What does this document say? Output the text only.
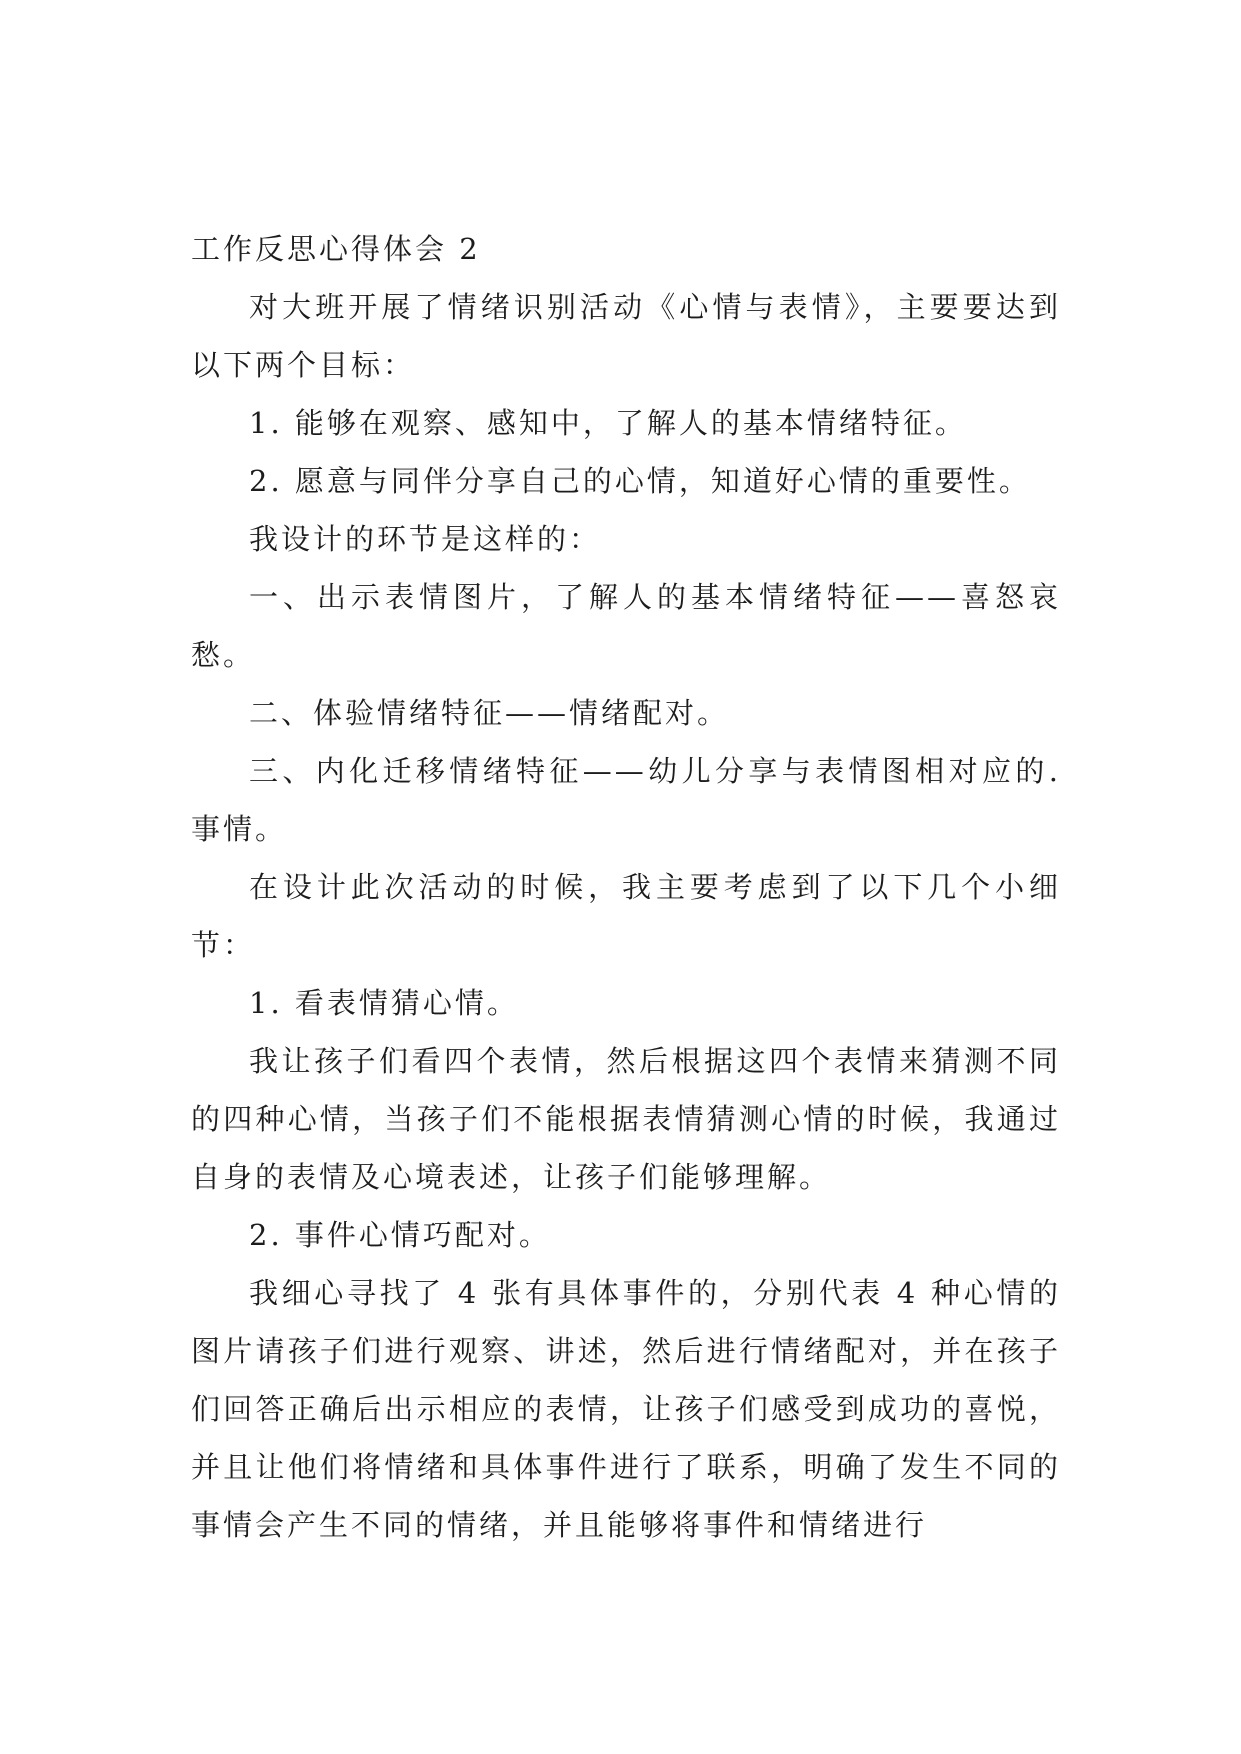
工作反思心得体会 2

对大班开展了情绪识别活动《心情与表情》，主要要达到以下两个目标：

1. 能够在观察、感知中，了解人的基本情绪特征。

2. 愿意与同伴分享自己的心情，知道好心情的重要性。

我设计的环节是这样的：

一、出示表情图片，了解人的基本情绪特征——喜怒哀愁。

二、体验情绪特征——情绪配对。

三、内化迁移情绪特征——幼儿分享与表情图相对应的. 事情。

在设计此次活动的时候，我主要考虑到了以下几个小细节：

1. 看表情猜心情。

我让孩子们看四个表情，然后根据这四个表情来猜测不同的四种心情，当孩子们不能根据表情猜测心情的时候，我通过自身的表情及心境表述，让孩子们能够理解。

2. 事件心情巧配对。

我细心寻找了 4 张有具体事件的，分别代表 4 种心情的图片请孩子们进行观察、讲述，然后进行情绪配对，并在孩子们回答正确后出示相应的表情，让孩子们感受到成功的喜悦，并且让他们将情绪和具体事件进行了联系，明确了发生不同的事情会产生不同的情绪，并且能够将事件和情绪进行
